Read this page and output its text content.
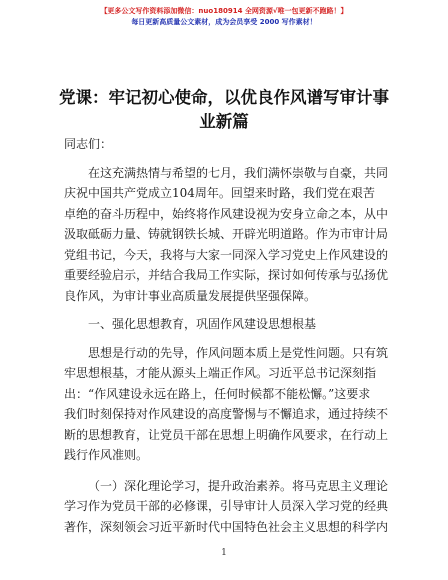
【更多公文写作资料添加微信：nuo180914 全网资源√唯一包更新不跑路！】
每日更新高质量公文素材，成为会员享受 2000 写作素材！
党课：牢记初心使命，以优良作风谱写审计事
业新篇
同志们：
在这充满热情与希望的七月，我们满怀崇敬与自豪，共同
庆祝中国共产党成立104周年。回望来时路，我们党在艰苦
卓绝的奋斗历程中，始终将作风建设视为安身立命之本，从中
汲取砥砺力量、铸就钢铁长城、开辟光明道路。作为市审计局
党组书记，今天，我将与大家一同深入学习党史上作风建设的
重要经验启示，并结合我局工作实际，探讨如何传承与弘扬优
良作风，为审计事业高质量发展提供坚强保障。
一、强化思想教育，巩固作风建设思想根基
思想是行动的先导，作风问题本质上是党性问题。只有筑
牢思想根基，才能从源头上端正作风。习近平总书记深刻指
出：“作风建设永远在路上，任何时候都不能松懈。”这要求
我们时刻保持对作风建设的高度警惕与不懈追求，通过持续不
断的思想教育，让党员干部在思想上明确作风要求，在行动上
践行作风准则。
（一）深化理论学习，提升政治素养。将马克思主义理论
学习作为党员干部的必修课，引导审计人员深入学习党的经典
著作，深刻领会习近平新时代中国特色社会主义思想的科学内
1
